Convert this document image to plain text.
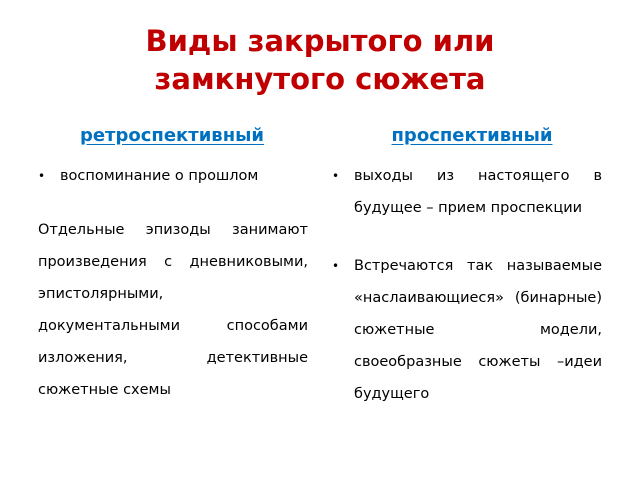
Виды закрытого или
замкнутого сюжета
ретроспективный	проспективный
• воспоминание о прошлом
Отдельные эпизоды занимают произведения с дневниковыми, эпистолярными, документальными способами изложения, детективные сюжетные схемы
• выходы из настоящего в будущее – прием проспекции
• Встречаются так называемые «наслаивающиеся» (бинарные) сюжетные модели, своеобразные сюжеты –идеи будущего
